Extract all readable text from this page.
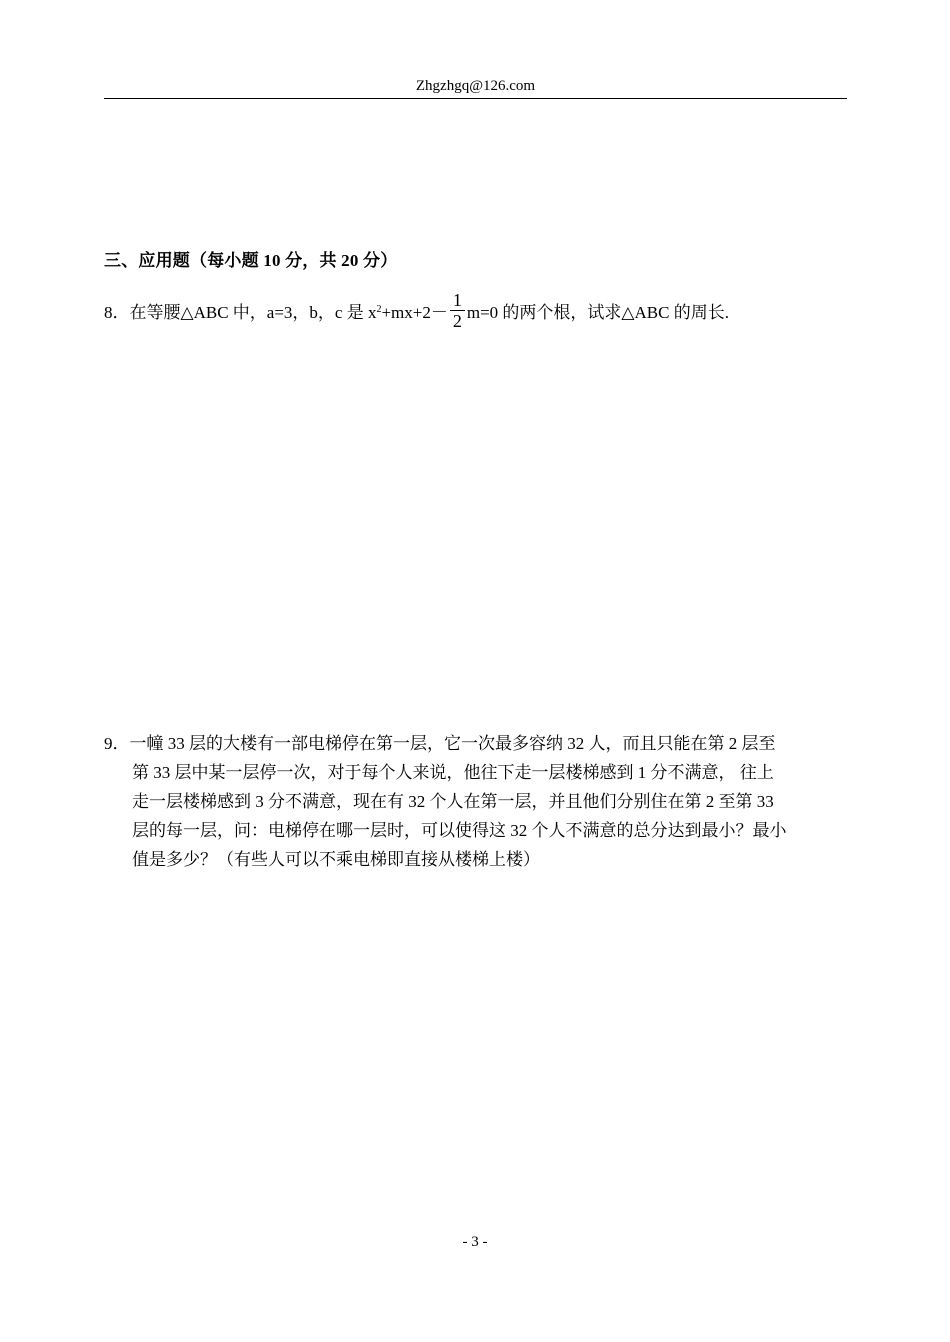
Zhgzhgq@126.com
三、应用题（每小题 10 分，共 20 分）
8．在等腰△ABC 中，a=3，b，c 是 x $2 +mx+2- \frac{1}{2} m=0$ 的两个根，试求△ABC 的周长.
9．一幢 33 层的大楼有一部电梯停在第一层，它一次最多容纳 32 人，而且只能在第 2 层至
第 33 层中某一层停一次，对于每个人来说，他往下走一层楼梯感到 1 分不满意， 往上
走一层楼梯感到 3 分不满意，现在有 32 个人在第一层，并且他们分别住在第 2 至第 33
层的每一层，问：电梯停在哪一层时，可以使得这 32 个人不满意的总分达到最小？最小
值是多少？（有些人可以不乘电梯即直接从楼梯上楼）
- 3 -
